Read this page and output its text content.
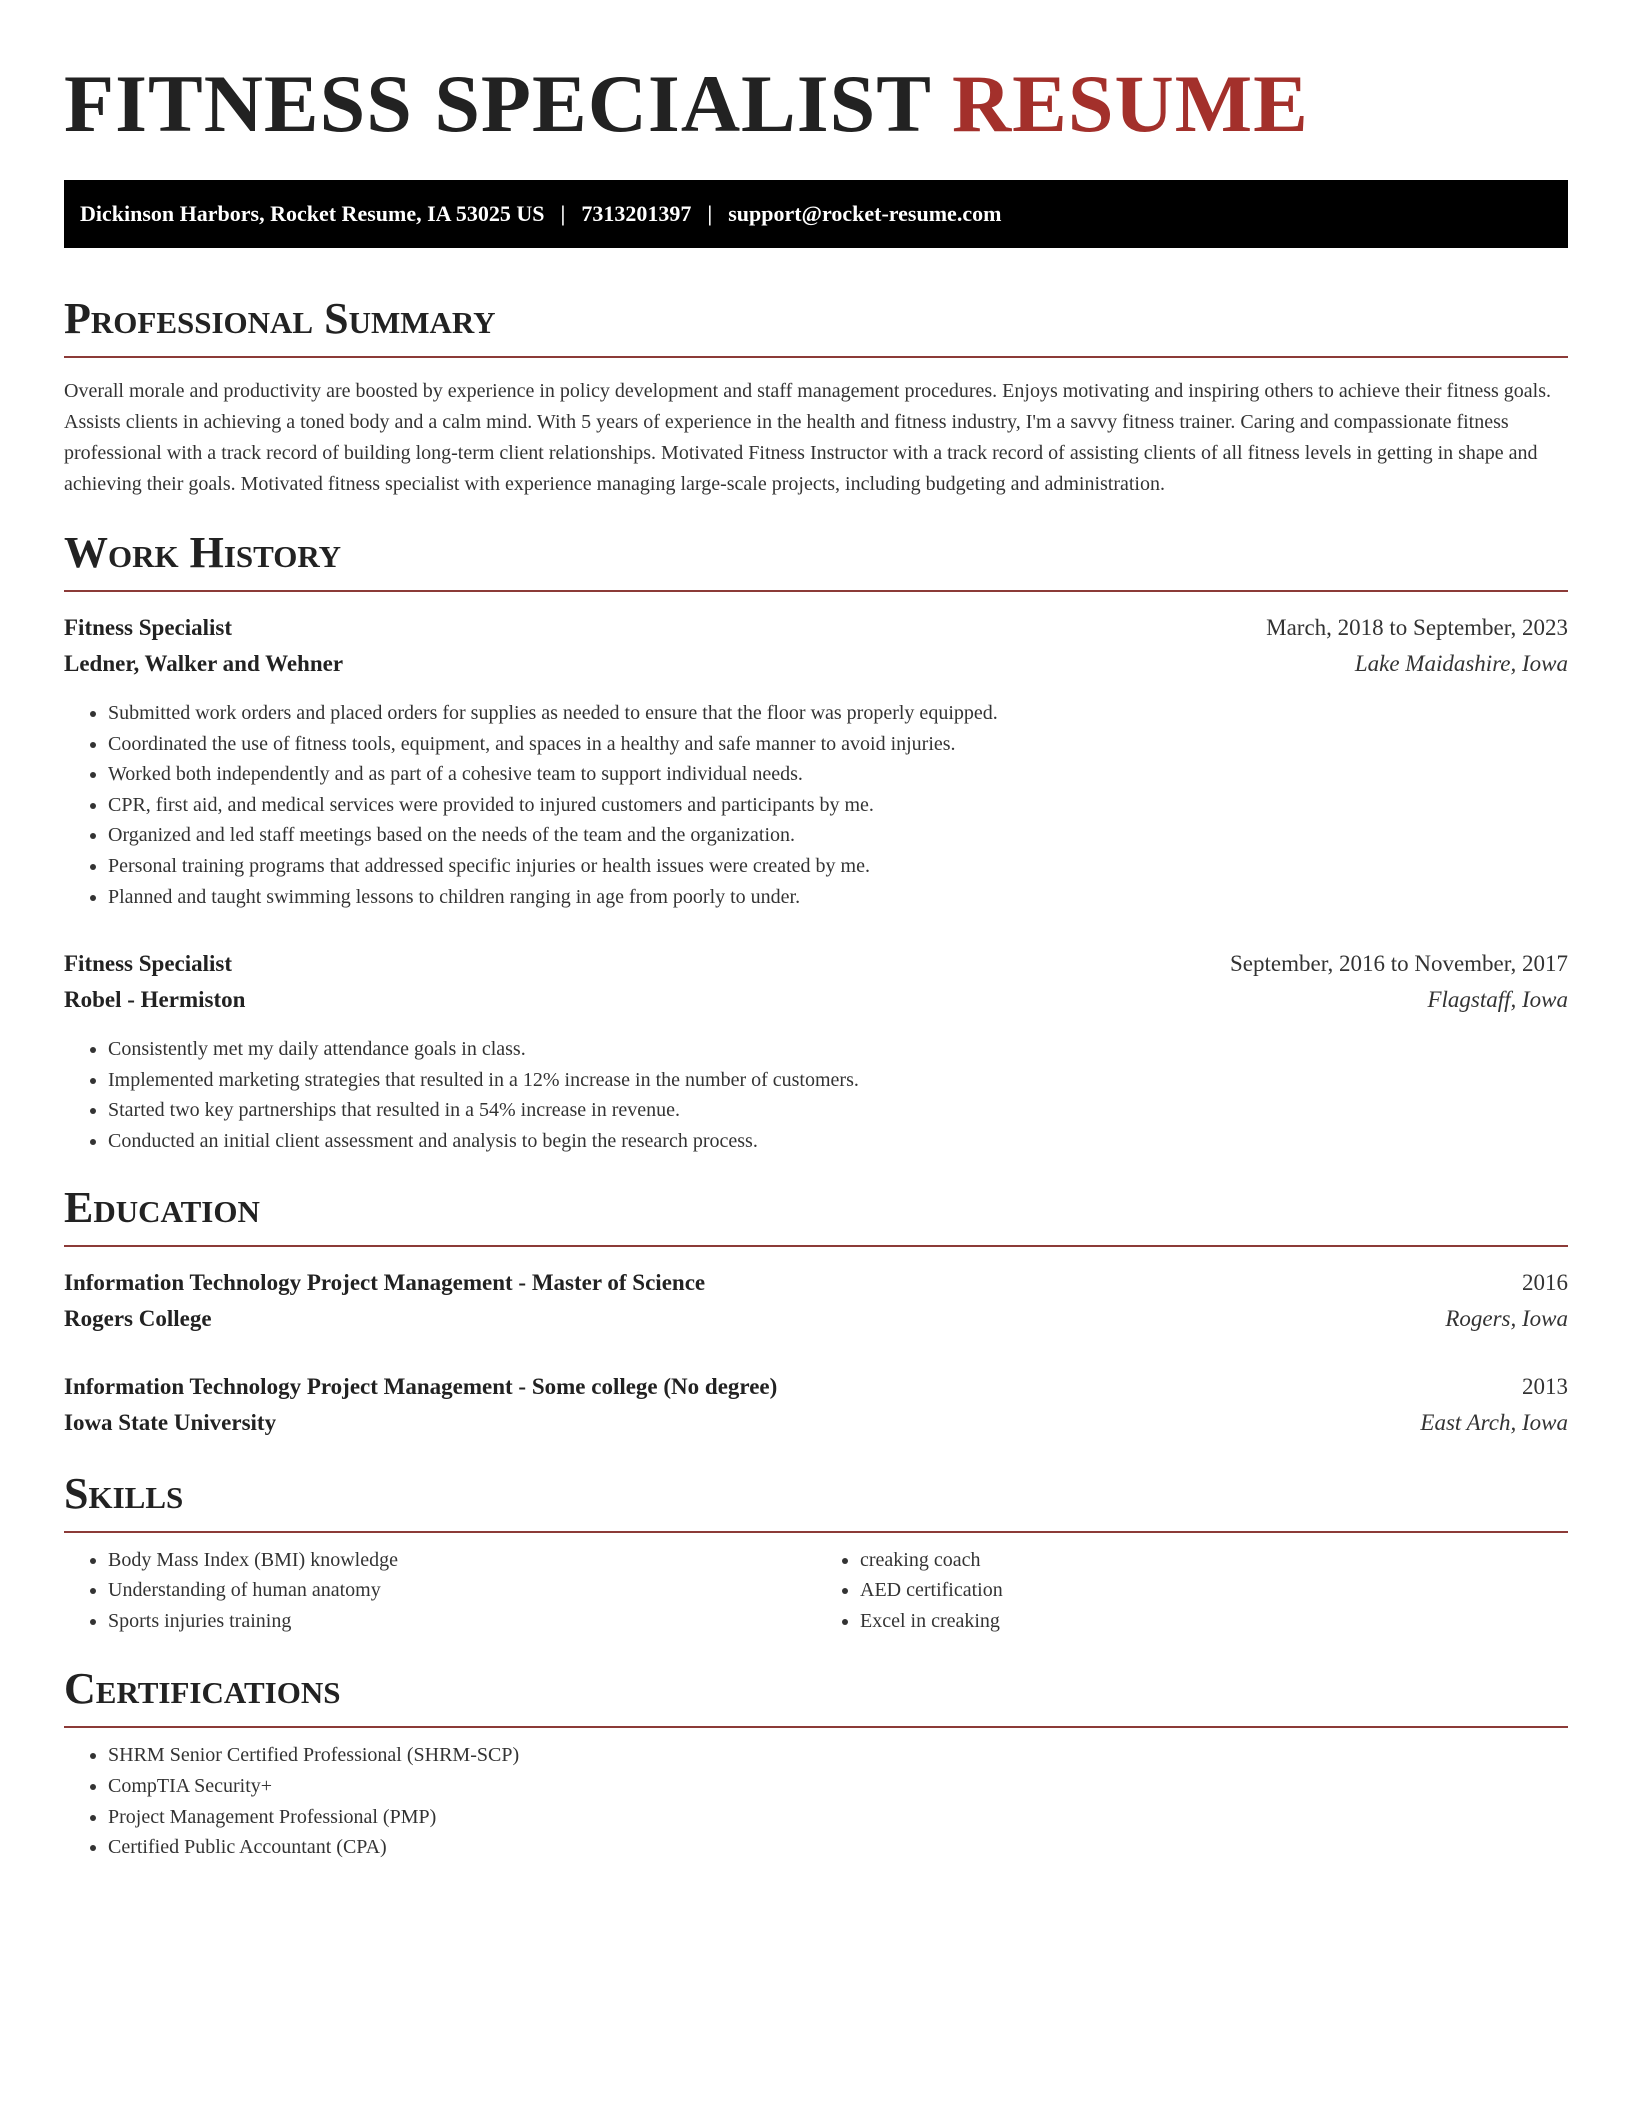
FITNESS SPECIALIST RESUME
Dickinson Harbors, Rocket Resume, IA 53025 US | 7313201397 | support@rocket-resume.com
Professional Summary

Overall morale and productivity are boosted by experience in policy development and staff management procedures. Enjoys motivating and inspiring others to achieve their fitness goals. Assists clients in achieving a toned body and a calm mind. With 5 years of experience in the health and fitness industry, I'm a savvy fitness trainer. Caring and compassionate fitness professional with a track record of building long-term client relationships. Motivated Fitness Instructor with a track record of assisting clients of all fitness levels in getting in shape and achieving their goals. Motivated fitness specialist with experience managing large-scale projects, including budgeting and administration.

Work History
Fitness Specialist	March, 2018 to September, 2023
Ledner, Walker and Wehner	Lake Maidashire, Iowa
• Submitted work orders and placed orders for supplies as needed to ensure that the floor was properly equipped.
• Coordinated the use of fitness tools, equipment, and spaces in a healthy and safe manner to avoid injuries.
• Worked both independently and as part of a cohesive team to support individual needs.
• CPR, first aid, and medical services were provided to injured customers and participants by me.
• Organized and led staff meetings based on the needs of the team and the organization.
• Personal training programs that addressed specific injuries or health issues were created by me.
• Planned and taught swimming lessons to children ranging in age from poorly to under.
Fitness Specialist	September, 2016 to November, 2017
Robel - Hermiston	Flagstaff, Iowa
• Consistently met my daily attendance goals in class.
• Implemented marketing strategies that resulted in a 12% increase in the number of customers.
• Started two key partnerships that resulted in a 54% increase in revenue.
• Conducted an initial client assessment and analysis to begin the research process.
Education
Information Technology Project Management - Master of Science	2016
Rogers College	Rogers, Iowa
Information Technology Project Management - Some college (No degree)	2013
Iowa State University	East Arch, Iowa
Skills
• Body Mass Index (BMI) knowledge
• Understanding of human anatomy
• Sports injuries training
• creaking coach
• AED certification
• Excel in creaking
Certifications
• SHRM Senior Certified Professional (SHRM-SCP)
• CompTIA Security+
• Project Management Professional (PMP)
• Certified Public Accountant (CPA)
